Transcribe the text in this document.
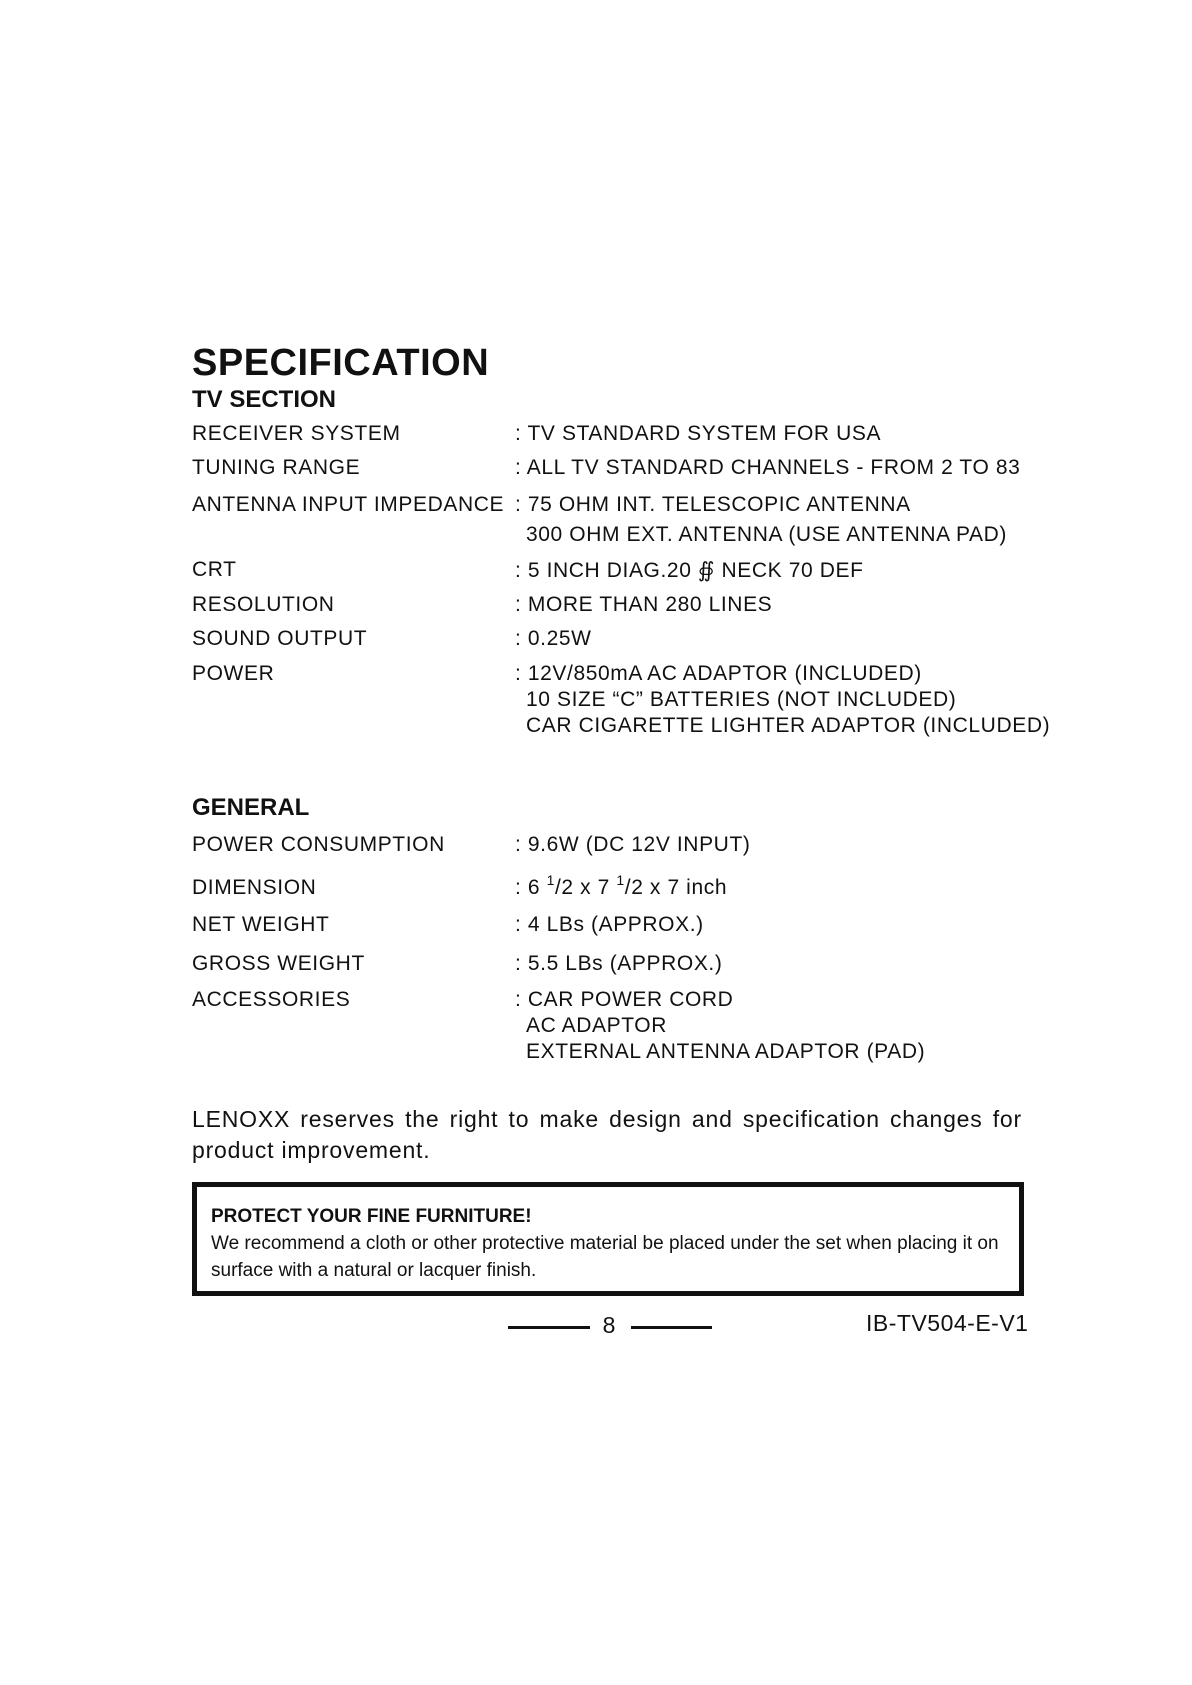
SPECIFICATION
TV SECTION
RECEIVER SYSTEM	: TV STANDARD SYSTEM FOR USA
TUNING RANGE	: ALL TV STANDARD CHANNELS - FROM 2 TO 83
ANTENNA INPUT IMPEDANCE : 75 OHM INT. TELESCOPIC ANTENNA
300 OHM EXT. ANTENNA (USE ANTENNA PAD)
CRT	: 5 INCH DIAG.20 ∯ NECK 70 DEF
RESOLUTION	: MORE THAN 280 LINES
SOUND OUTPUT	: 0.25W
POWER	: 12V/850mA AC ADAPTOR (INCLUDED)
10 SIZE “C” BATTERIES (NOT INCLUDED)
CAR CIGARETTE LIGHTER ADAPTOR (INCLUDED)
GENERAL
POWER CONSUMPTION	: 9.6W (DC 12V INPUT)
DIMENSION	: 6 $^1$/2 x 7 $^1$/2 x 7 inch
NET WEIGHT	: 4 LBs (APPROX.)
GROSS WEIGHT	: 5.5 LBs (APPROX.)
ACCESSORIES	: CAR POWER CORD
AC ADAPTOR
EXTERNAL ANTENNA ADAPTOR (PAD)
LENOXX reserves the right to make design and specification changes for product improvement.
PROTECT YOUR FINE FURNITURE!
We recommend a cloth or other protective material be placed under the set when placing it on surface with a natural or lacquer finish.
8	IB-TV504-E-V1
